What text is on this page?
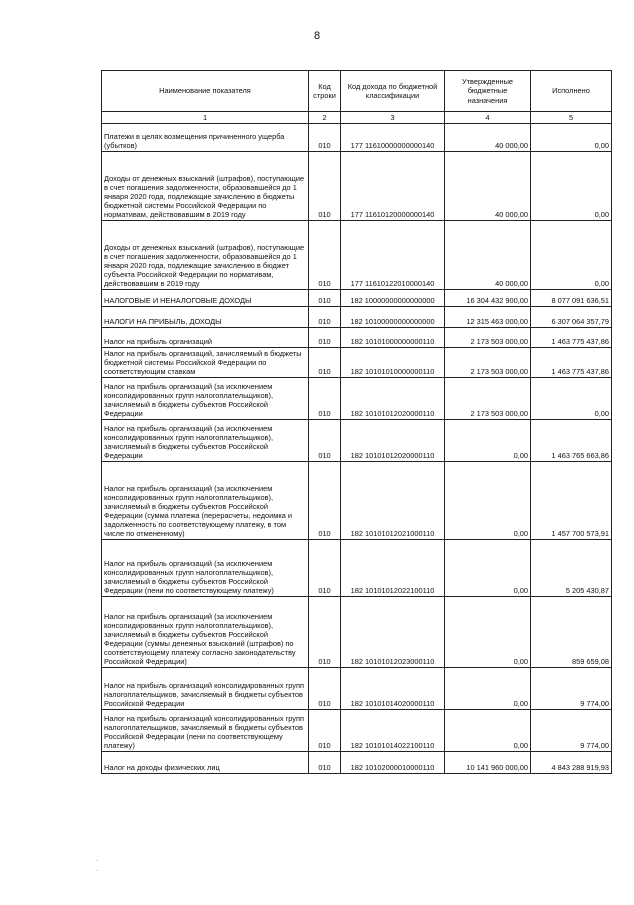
8
Наименование показателя	Код строки	Код дохода по бюджетной классификации	Утвержденные бюджетные назначения	Исполнено
1	2	3	4	5
Платежи в целях возмещения причиненного ущерба (убытков)	010	177 11610000000000140	40 000,00	0,00
Доходы от денежных взысканий (штрафов), поступающие в счет погашения задолженности, образовавшейся до 1 января 2020 года, подлежащие зачислению в бюджеты бюджетной системы Российской Федерации по нормативам, действовавшим в 2019 году	010	177 11610120000000140	40 000,00	0,00
Доходы от денежных взысканий (штрафов), поступающие в счет погашения задолженности, образовавшейся до 1 января 2020 года, подлежащие зачислению в бюджет субъекта Российской Федерации по нормативам, действовавшим в 2019 году	010	177 11610122010000140	40 000,00	0,00
НАЛОГОВЫЕ И НЕНАЛОГОВЫЕ ДОХОДЫ	010	182 10000000000000000	16 304 432 900,00	8 077 091 636,51
НАЛОГИ НА ПРИБЫЛЬ, ДОХОДЫ	010	182 10100000000000000	12 315 463 000,00	6 307 064 357,79
Налог на прибыль организаций	010	182 10101000000000110	2 173 503 000,00	1 463 775 437,86
Налог на прибыль организаций, зачисляемый в бюджеты бюджетной системы Российской Федерации по соответствующим ставкам	010	182 10101010000000110	2 173 503 000,00	1 463 775 437,86
Налог на прибыль организаций (за исключением консолидированных групп налогоплательщиков), зачисляемый в бюджеты субъектов Российской Федерации	010	182 10101012020000110	2 173 503 000,00	0,00
Налог на прибыль организаций (за исключением консолидированных групп налогоплательщиков), зачисляемый в бюджеты субъектов Российской Федерации	010	182 10101012020000110	0,00	1 463 765 663,86
Налог на прибыль организаций (за исключением консолидированных групп налогоплательщиков), зачисляемый в бюджеты субъектов Российской Федерации (сумма платежа (перерасчеты, недоимка и задолженность по соответствующему платежу, в том числе по отмененному)	010	182 10101012021000110	0,00	1 457 700 573,91
Налог на прибыль организаций (за исключением консолидированных групп налогоплательщиков), зачисляемый в бюджеты субъектов Российской Федерации (пени по соответствующему платежу)	010	182 10101012022100110	0,00	5 205 430,87
Налог на прибыль организаций (за исключением консолидированных групп налогоплательщиков), зачисляемый в бюджеты субъектов Российской Федерации (суммы денежных взысканий (штрафов) по соответствующему платежу согласно законодательству Российской Федерации)	010	182 10101012023000110	0,00	859 659,08
Налог на прибыль организаций консолидированных групп налогоплательщиков, зачисляемый в бюджеты субъектов Российской Федерации	010	182 10101014020000110	0,00	9 774,00
Налог на прибыль организаций консолидированных групп налогоплательщиков, зачисляемый в бюджеты субъектов Российской Федерации (пени по соответствующему платежу)	010	182 10101014022100110	0,00	9 774,00
Налог на доходы физических лиц	010	182 10102000010000110	10 141 960 000,00	4 843 288 919,93
·
·
